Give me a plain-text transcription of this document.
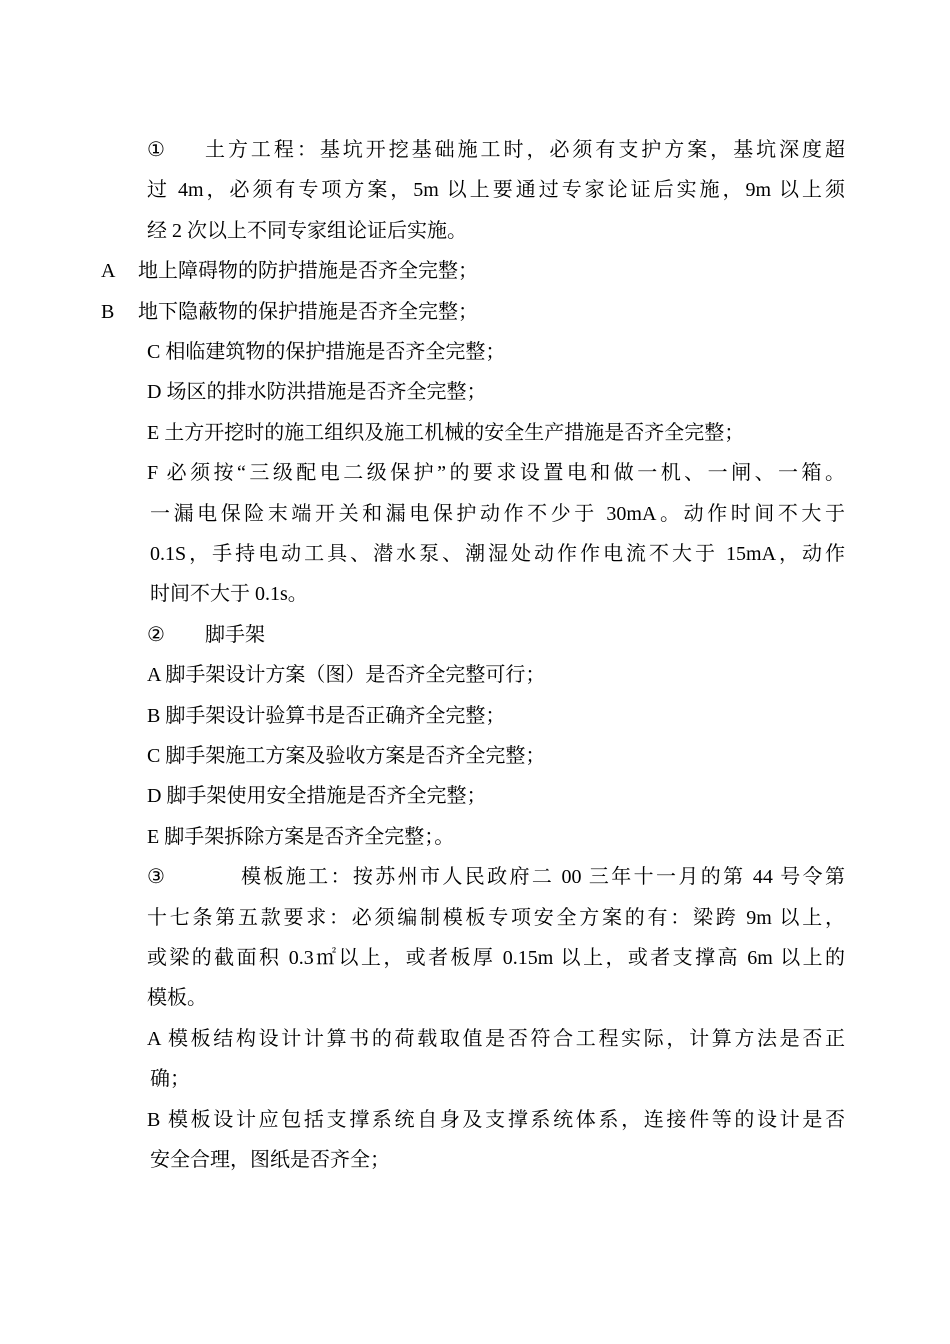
① 土方工程：基坑开挖基础施工时，必须有支护方案，基坑深度超
过 4m，必须有专项方案，5m 以上要通过专家论证后实施，9m 以上须
经 2 次以上不同专家组论证后实施。
A 地上障碍物的防护措施是否齐全完整；
B 地下隐蔽物的保护措施是否齐全完整；
C 相临建筑物的保护措施是否齐全完整；
D 场区的排水防洪措施是否齐全完整；
E 土方开挖时的施工组织及施工机械的安全生产措施是否齐全完整；
F 必须按“三级配电二级保护”的要求设置电和做一机、一闸、一箱。
一漏电保险末端开关和漏电保护动作不少于 30mA。动作时间不大于
0.1S，手持电动工具、潜水泵、潮湿处动作作电流不大于 15mA，动作
时间不大于 0.1s。
② 脚手架
A 脚手架设计方案（图）是否齐全完整可行；
B 脚手架设计验算书是否正确齐全完整；
C 脚手架施工方案及验收方案是否齐全完整；
D 脚手架使用安全措施是否齐全完整；
E 脚手架拆除方案是否齐全完整；。
③	模板施工：按苏州市人民政府二 00 三年十一月的第 44 号令第
十七条第五款要求：必须编制模板专项安全方案的有：梁跨 9m 以上，
或梁的截面积 0.3㎡以上，或者板厚 0.15m 以上，或者支撑高 6m 以上的
模板。
A 模板结构设计计算书的荷载取值是否符合工程实际，计算方法是否正
确；
B 模板设计应包括支撑系统自身及支撑系统体系，连接件等的设计是否
安全合理，图纸是否齐全；
